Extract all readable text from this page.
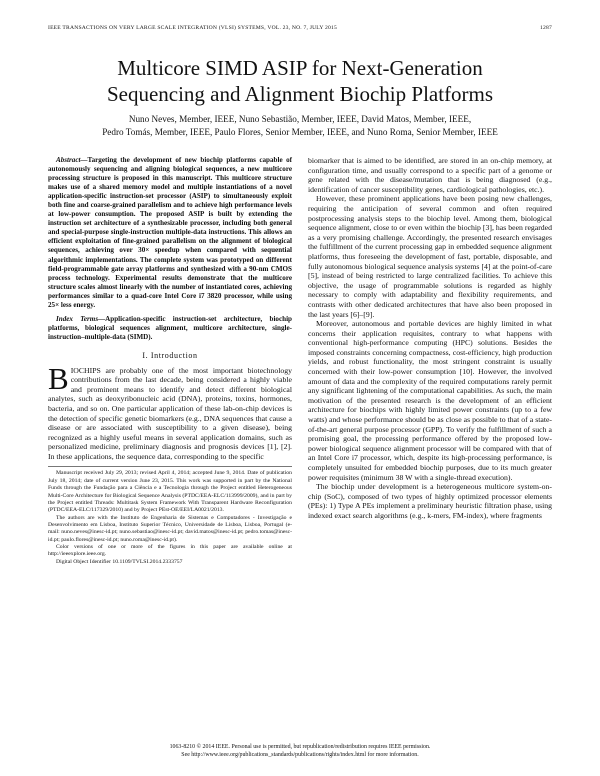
IEEE TRANSACTIONS ON VERY LARGE SCALE INTEGRATION (VLSI) SYSTEMS, VOL. 23, NO. 7, JULY 2015	1287
Multicore SIMD ASIP for Next-Generation
Sequencing and Alignment Biochip Platforms

Nuno Neves, Member, IEEE, Nuno Sebastião, Member, IEEE, David Matos, Member, IEEE,

Pedro Tomás, Member, IEEE, Paulo Flores, Senior Member, IEEE, and Nuno Roma, Senior Member, IEEE

Abstract—Targeting the development of new biochip platforms capable of autonomously sequencing and aligning biological sequences, a new multicore processing structure is proposed in this manuscript. This multicore structure makes use of a shared memory model and multiple instantiations of a novel application-specific instruction-set processor (ASIP) to simultaneously exploit both fine and coarse-grained parallelism and to achieve high performance levels at low-power consumption. The proposed ASIP is built by extending the instruction set architecture of a synthesizable processor, including both general and special-purpose single-instruction multiple-data instructions. This allows an efficient exploitation of fine-grained parallelism on the alignment of biological sequences, achieving over 30× speedup when compared with sequential algorithmic implementations. The complete system was prototyped on different field-programmable gate array platforms and synthesized with a 90-nm CMOS process technology. Experimental results demonstrate that the multicore structure scales almost linearly with the number of instantiated cores, achieving performances similar to a quad-core Intel Core i7 3820 processor, while using 25× less energy.

Index Terms—Application-specific instruction-set architecture, biochip platforms, biological sequences alignment, multicore architecture, single-instruction–multiple-data (SIMD).

I. Introduction

BIOCHIPS are probably one of the most important biotechnology contributions from the last decade, being considered a highly viable and prominent means to identify and detect different biological analytes, such as deoxyribonucleic acid (DNA), proteins, toxins, hormones, bacteria, and so on. One particular application of these lab-on-chip devices is the detection of specific genetic biomarkers (e.g., DNA sequences that cause a disease or are associated with susceptibility to a given disease), being recognized as a highly useful means in several application domains, such as personalized medicine, preliminary diagnosis and prognosis devices [1], [2]. In these applications, the sequence data, corresponding to the specific

Manuscript received July 29, 2013; revised April 4, 2014; accepted June 9, 2014. Date of publication July 18, 2014; date of current version June 23, 2015. This work was supported in part by the National Funds through the Fundação para a Ciência e a Tecnologia through the Project entitled Heterogeneous Multi-Core Architecture for Biological Sequence Analysis (PTDC/EEA-ELC/113999/2009), and in part by the Project entitled Threads: Multitask System Framework With Transparent Hardware Reconfiguration (PTDC/EEA-ELC/117329/2010) and by Project PEst-OE/EEI/LA0021/2013.

The authors are with the Instituto de Engenharia de Sistemas e Computadores - Investigação e Desenvolvimento em Lisboa, Instituto Superior Técnico, Universidade de Lisboa, Lisboa, Portugal (e-mail: nuno.neves@inesc-id.pt; nuno.sebastiao@inesc-id.pt; david.matos@inesc-id.pt; pedro.tomas@inesc-id.pt; paulo.flores@inesc-id.pt; nuno.roma@inesc-id.pt).

Color versions of one or more of the figures in this paper are available online at http://ieeexplore.ieee.org.

Digital Object Identifier 10.1109/TVLSI.2014.2333757

biomarker that is aimed to be identified, are stored in an on-chip memory, at configuration time, and usually correspond to a specific part of a genome or gene related with the disease/mutation that is being diagnosed (e.g., identification of cancer susceptibility genes, cardiological pathologies, etc.).

However, these prominent applications have been posing new challenges, requiring the anticipation of several common and often required postprocessing analysis steps to the biochip level. Among them, biological sequence alignment, close to or even within the biochip [3], has been regarded as a very promising challenge. Accordingly, the presented research envisages the fulfillment of the current processing gap in embedded sequence alignment platforms, thus foreseeing the development of fast, portable, disposable, and fully autonomous biological sequence analysis systems [4] at the point-of-care [5], instead of being restricted to large centralized facilities. To achieve this objective, the usage of programmable solutions is regarded as highly necessary to comply with adaptability and flexibility requirements, and contrasts with other dedicated architectures that have also been proposed in the last years [6]–[9].

Moreover, autonomous and portable devices are highly limited in what concerns their application requisites, contrary to what happens with conventional high-performance computing (HPC) solutions. Besides the imposed constraints concerning compactness, cost-efficiency, high production yields, and robust functionality, the most stringent constraint is usually concerned with their low-power consumption [10]. However, the involved amount of data and the complexity of the required computations rarely permit any significant lightening of the computational capabilities. As such, the main motivation of the presented research is the development of an efficient architecture for biochips with highly limited power constraints (up to a few watts) and whose performance should be as close as possible to that of a state-of-the-art general purpose processor (GPP). To verify the fulfillment of such a promising goal, the processing performance offered by the proposed low-power biological sequence alignment processor will be compared with that of an Intel Core i7 processor, which, despite its high-processing performance, is completely unsuited for embedded biochip purposes, due to its much greater power requisites (minimum 38 W with a single-thread execution).

The biochip under development is a heterogeneous multicore system-on-chip (SoC), composed of two types of highly optimized processor elements (PEs): 1) Type A PEs implement a preliminary heuristic filtration phase, using indexed exact search algorithms (e.g., k-mers, FM-index), where fragments

1063-8210 © 2014 IEEE. Personal use is permitted, but republication/redistribution requires IEEE permission.

See http://www.ieee.org/publications_standards/publications/rights/index.html for more information.
